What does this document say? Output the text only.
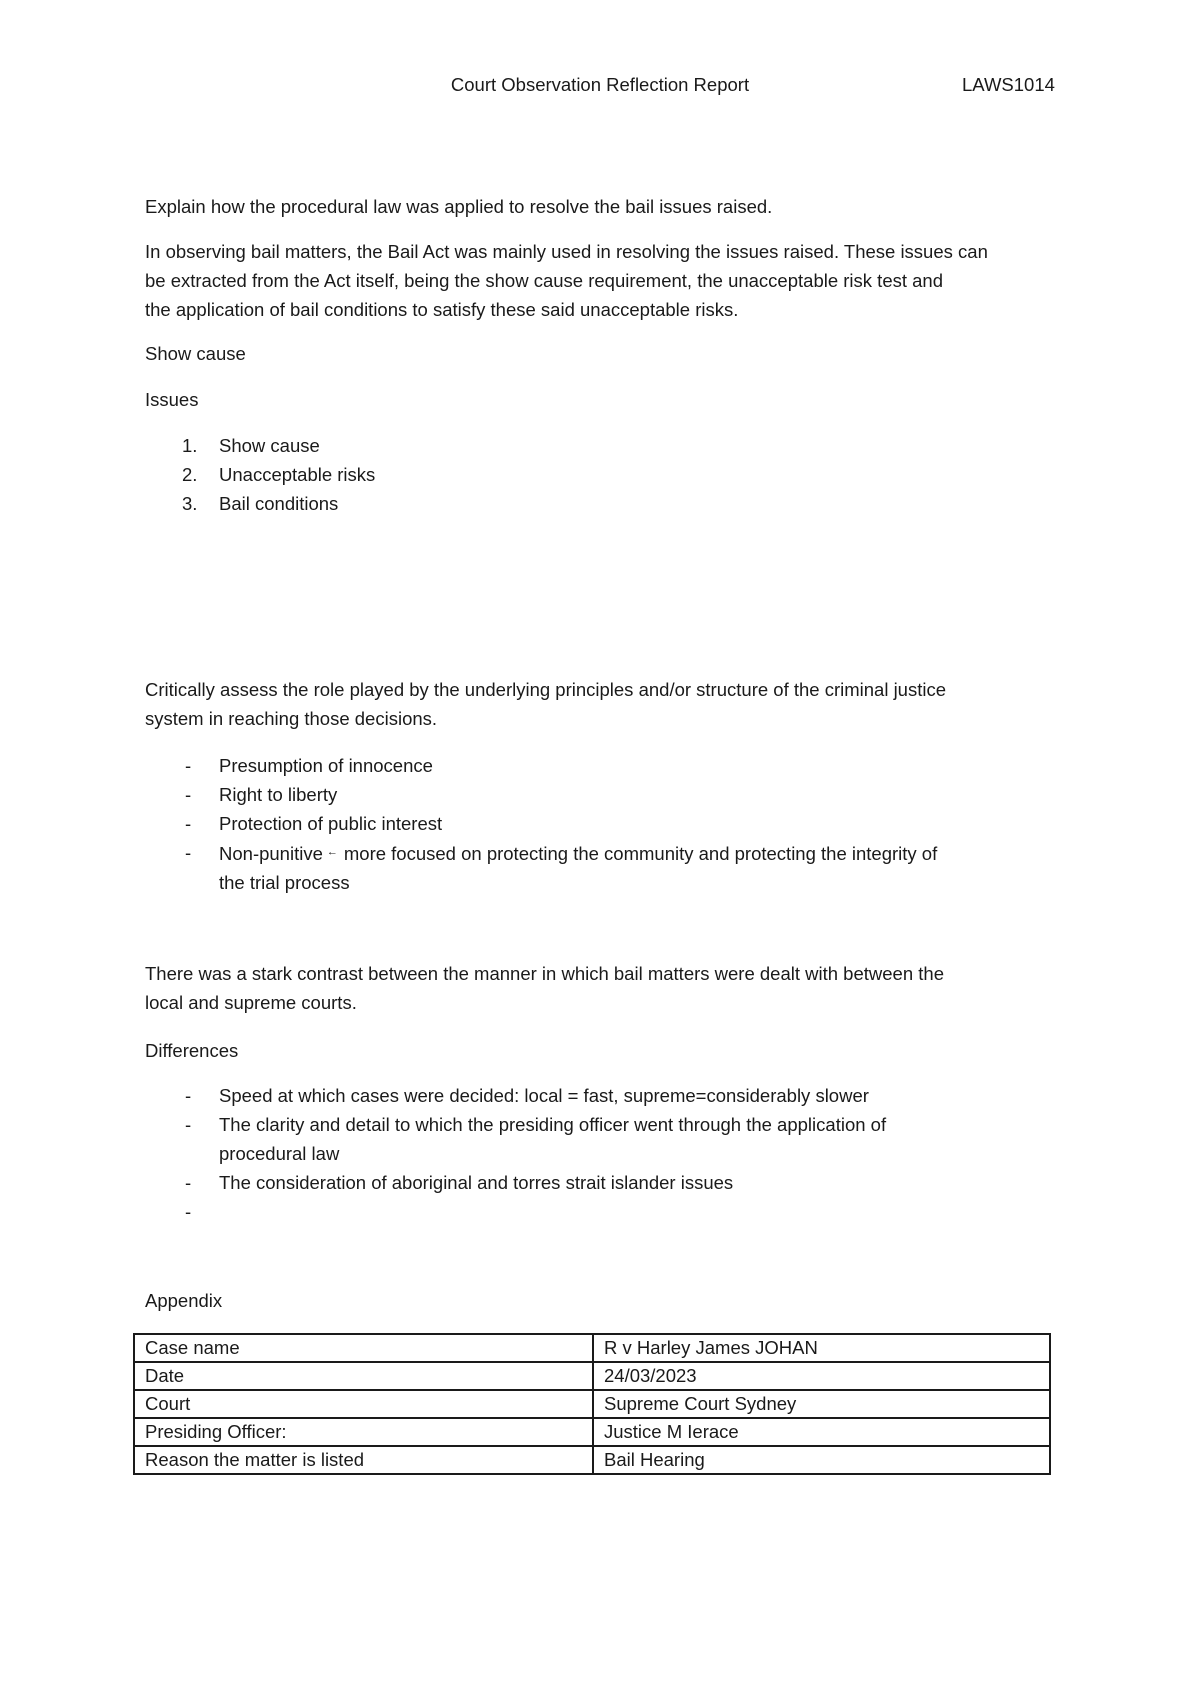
Court Observation Reflection Report	LAWS1014

Explain how the procedural law was applied to resolve the bail issues raised.

In observing bail matters, the Bail Act was mainly used in resolving the issues raised. These issues can
be extracted from the Act itself, being the show cause requirement, the unacceptable risk test and
the application of bail conditions to satisfy these said unacceptable risks.
Show cause
Issues
1. Show cause
2. Unacceptable risks
3. Bail conditions
Critically assess the role played by the underlying principles and/or structure of the criminal justice
system in reaching those decisions.
- Presumption of innocence
- Right to liberty
- Protection of public interest
- Non-punitive ← more focused on protecting the community and protecting the integrity of
the trial process
There was a stark contrast between the manner in which bail matters were dealt with between the
local and supreme courts.
Differences
- Speed at which cases were decided: local = fast, supreme=considerably slower
- The clarity and detail to which the presiding officer went through the application of
procedural law
- The consideration of aboriginal and torres strait islander issues
-

Appendix
Case name	R v Harley James JOHAN
Date	24/03/2023
Court	Supreme Court Sydney
Presiding Officer:	Justice M Ierace
Reason the matter is listed	Bail Hearing
